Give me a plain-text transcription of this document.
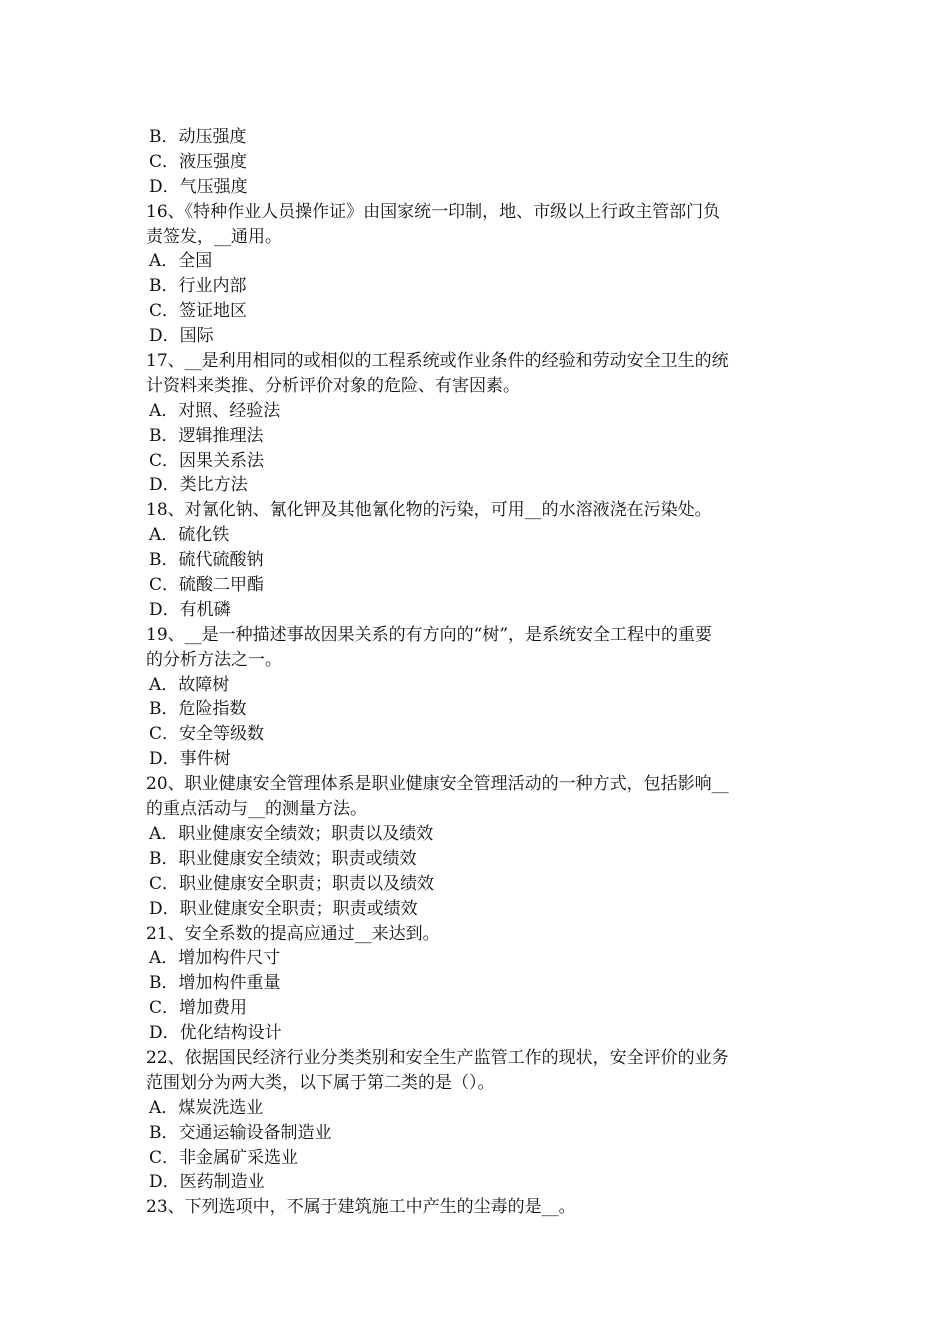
B．动压强度
C．液压强度
D．气压强度
16、《特种作业人员操作证》由国家统一印制，地、市级以上行政主管部门负
责签发，__通用。
A．全国
B．行业内部
C．签证地区
D．国际
17、__是利用相同的或相似的工程系统或作业条件的经验和劳动安全卫生的统
计资料来类推、分析评价对象的危险、有害因素。
A．对照、经验法
B．逻辑推理法
C．因果关系法
D．类比方法
18、对氰化钠、氰化钾及其他氰化物的污染，可用__的水溶液浇在污染处。
A．硫化铁
B．硫代硫酸钠
C．硫酸二甲酯
D．有机磷
19、__是一种描述事故因果关系的有方向的“树”，是系统安全工程中的重要
的分析方法之一。
A．故障树
B．危险指数
C．安全等级数
D．事件树
20、职业健康安全管理体系是职业健康安全管理活动的一种方式，包括影响__
的重点活动与__的测量方法。
A．职业健康安全绩效；职责以及绩效
B．职业健康安全绩效；职责或绩效
C．职业健康安全职责；职责以及绩效
D．职业健康安全职责；职责或绩效
21、安全系数的提高应通过__来达到。
A．增加构件尺寸
B．增加构件重量
C．增加费用
D．优化结构设计
22、依据国民经济行业分类类别和安全生产监管工作的现状，安全评价的业务
范围划分为两大类，以下属于第二类的是（）。
A．煤炭洗选业
B．交通运输设备制造业
C．非金属矿采选业
D．医药制造业
23、下列选项中，不属于建筑施工中产生的尘毒的是__。
